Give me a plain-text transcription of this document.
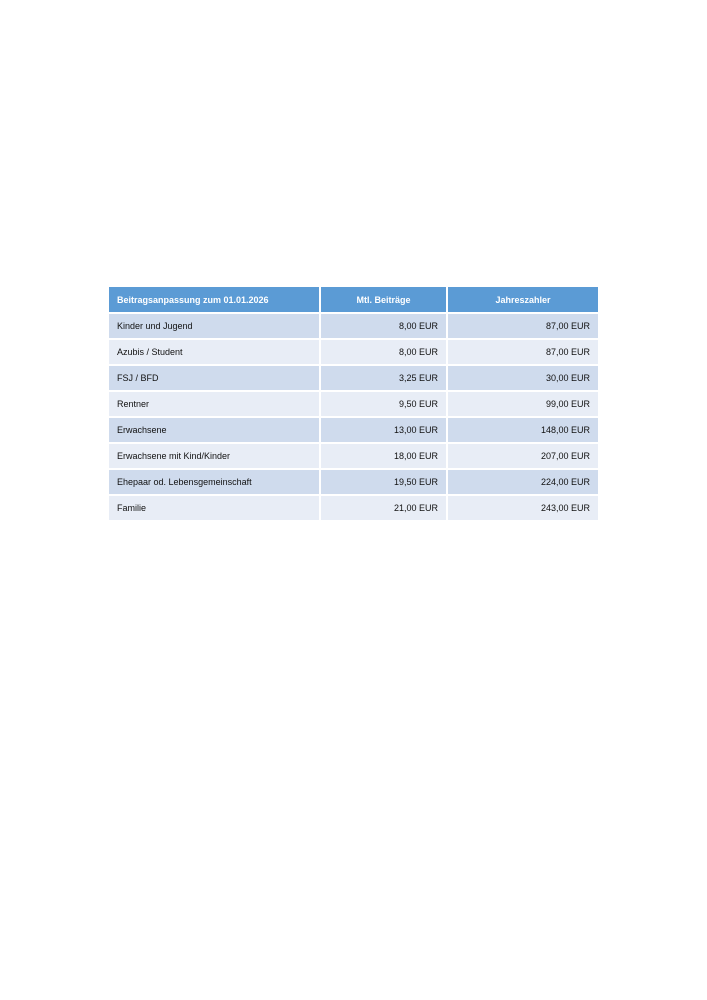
Beitragsanpassung zum 01.01.2026	Mtl. Beiträge	Jahreszahler
Kinder und Jugend	8,00 EUR	87,00 EUR
Azubis / Student	8,00 EUR	87,00 EUR
FSJ / BFD	3,25 EUR	30,00 EUR
Rentner	9,50 EUR	99,00 EUR
Erwachsene	13,00 EUR	148,00 EUR
Erwachsene mit Kind/Kinder	18,00 EUR	207,00 EUR
Ehepaar od. Lebensgemeinschaft	19,50 EUR	224,00 EUR
Familie	21,00 EUR	243,00 EUR
